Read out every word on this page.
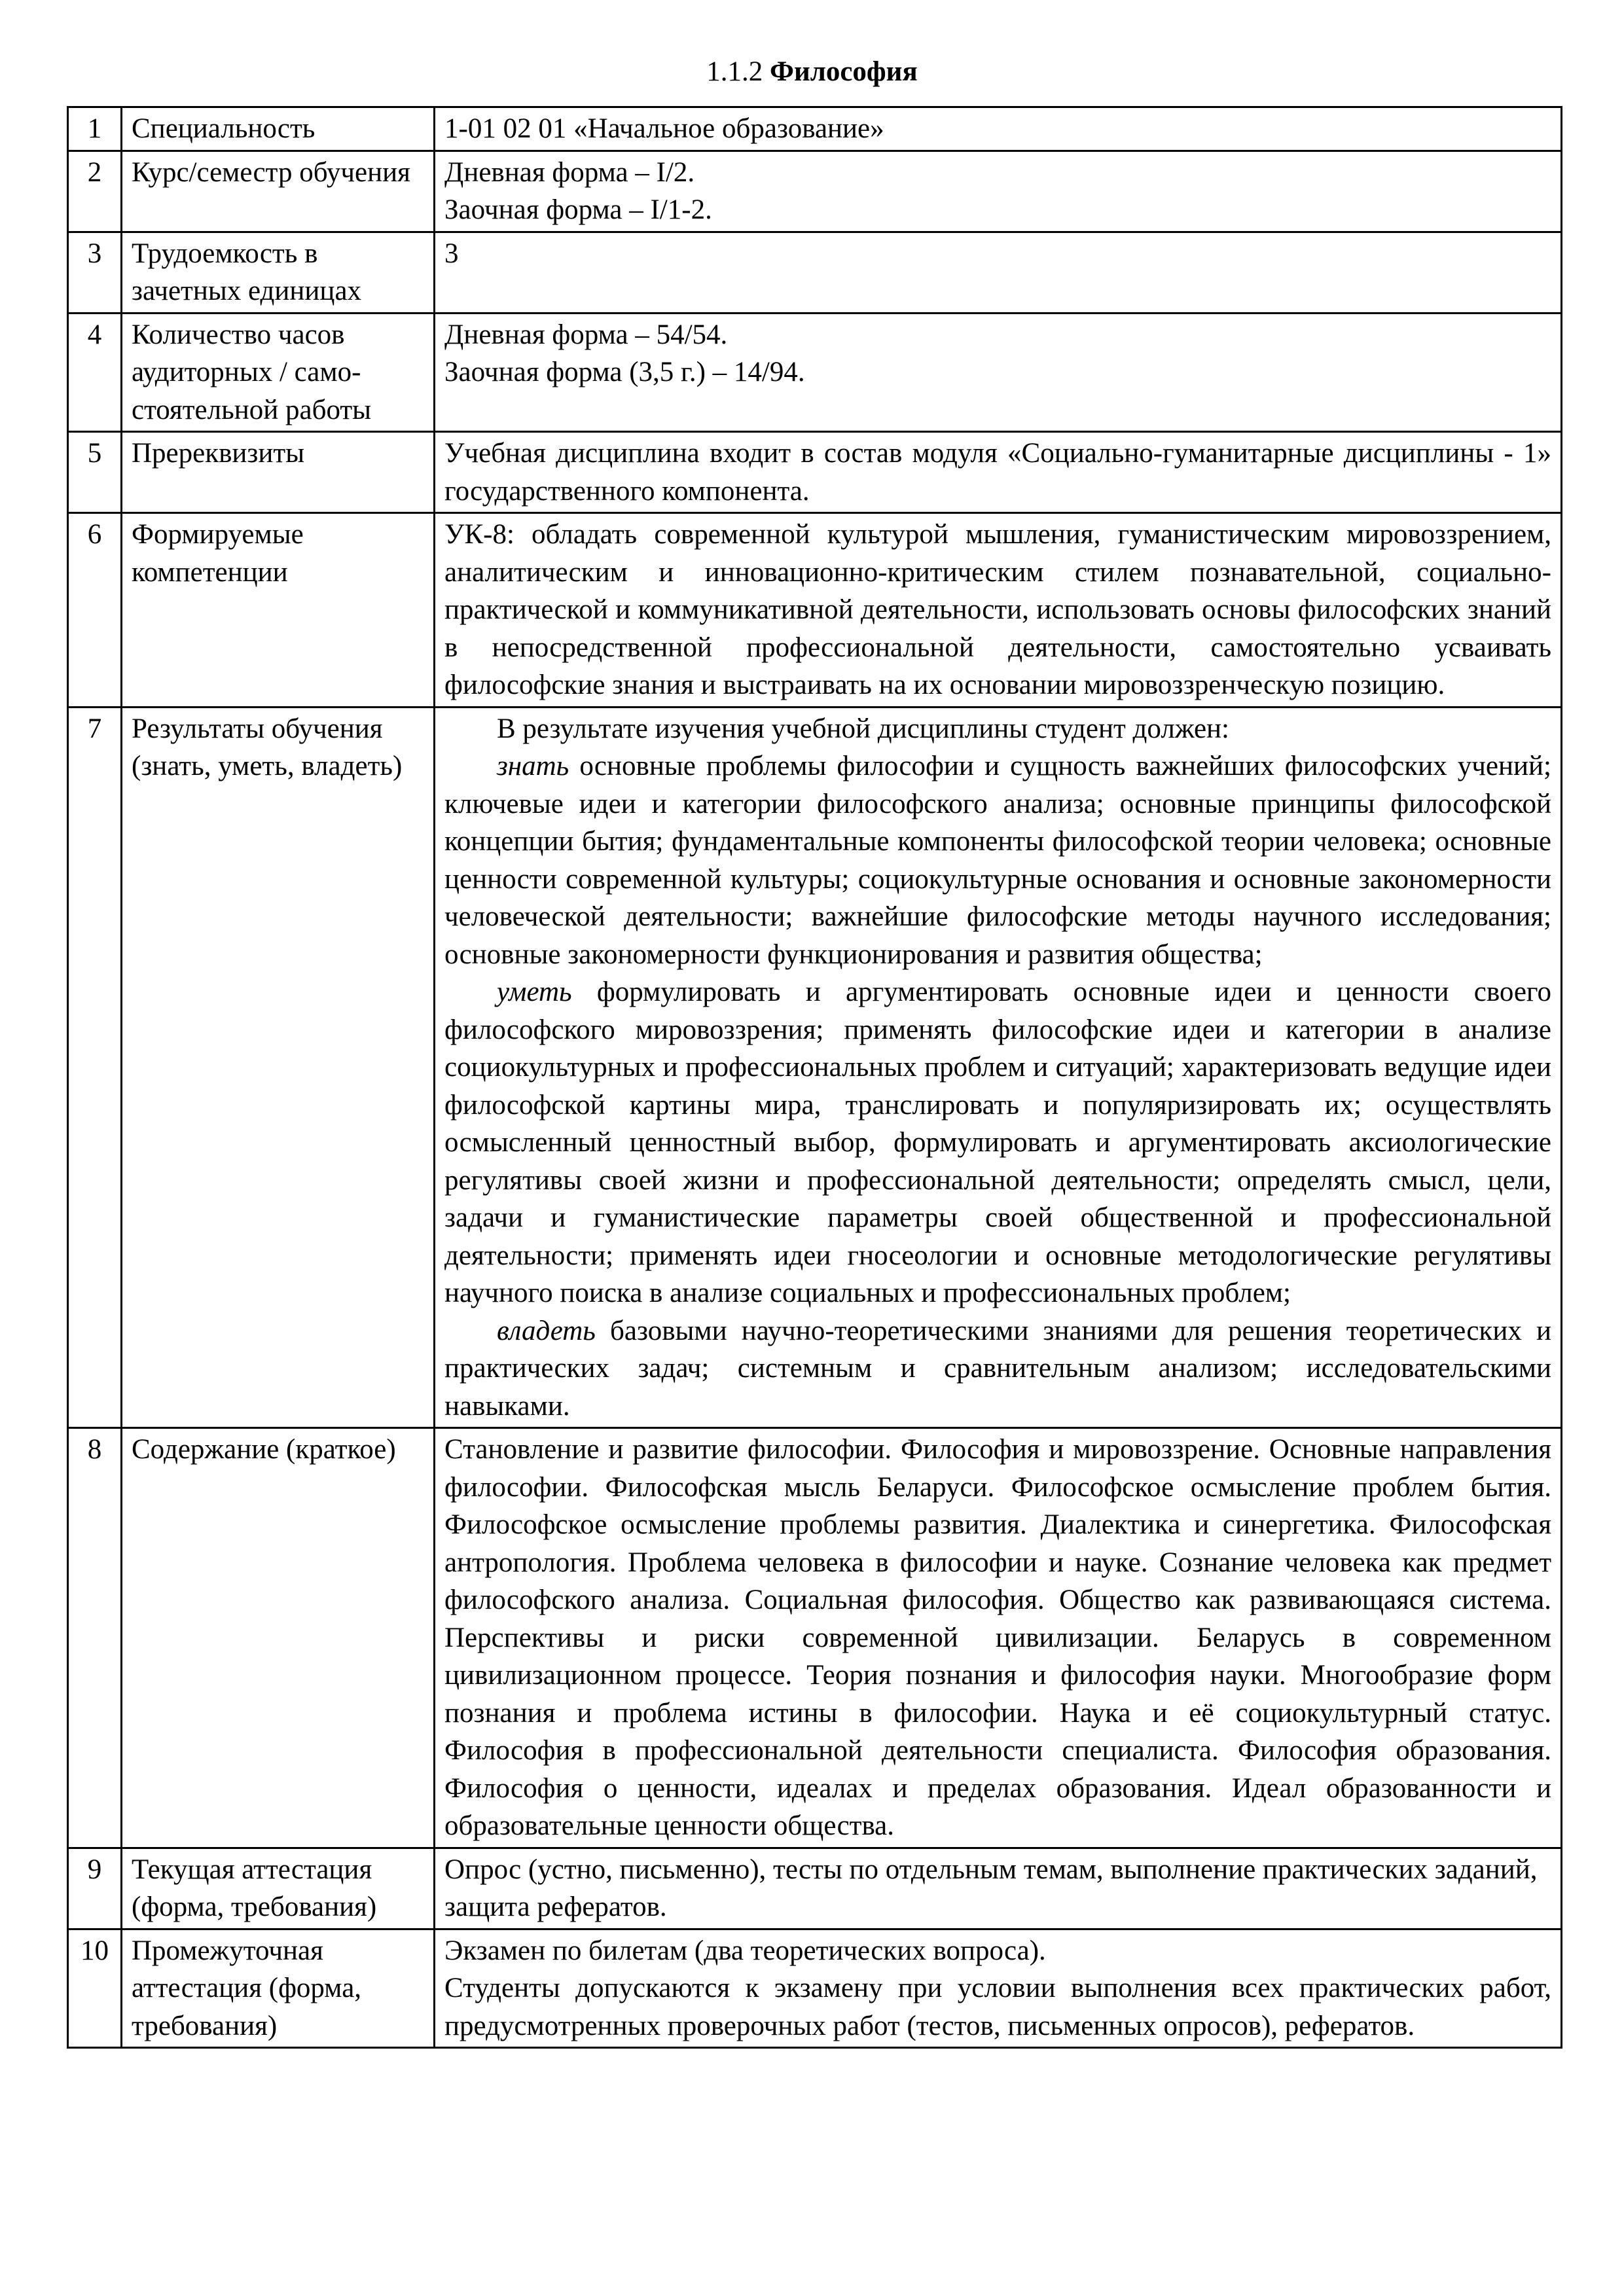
1.1.2 Философия
1	Специальность	1-01 02 01 «Начальное образование»

2	Курс/семестр обучения	Дневная форма – I/2.
Заочная форма – I/1-2.

3	Трудоемкость в зачетных единицах	3

4	Количество часов аудиторных / само-стоятельной работы	Дневная форма – 54/54.
Заочная форма (3,5 г.) – 14/94.

5	Пререквизиты	Учебная дисциплина входит в состав модуля «Социально-гуманитарные дисциплины - 1» государственного компонента.

6	Формируемые компетенции	УК-8: обладать современной культурой мышления, гуманистическим мировоззрением, аналитическим и инновационно-критическим стилем познавательной, социально-практической и коммуникативной деятельности, использовать основы философских знаний в непосредственной профессиональной деятельности, самостоятельно усваивать философские знания и выстраивать на их основании мировоззренческую позицию.

7	Результаты обучения (знать, уметь, владеть)	В результате изучения учебной дисциплины студент должен:
знать основные проблемы философии и сущность важнейших философских учений; ключевые идеи и категории философского анализа; основные принципы философской концепции бытия; фундаментальные компоненты философской теории человека; основные ценности современной культуры; социокультурные основания и основные закономерности человеческой деятельности; важнейшие философские методы научного исследования; основные закономерности функционирования и развития общества;
уметь формулировать и аргументировать основные идеи и ценности своего философского мировоззрения; применять философские идеи и категории в анализе социокультурных и профессиональных проблем и ситуаций; характеризовать ведущие идеи философской картины мира, транслировать и популяризировать их; осуществлять осмысленный ценностный выбор, формулировать и аргументировать аксиологические регулятивы своей жизни и профессиональной деятельности; определять смысл, цели, задачи и гуманистические параметры своей общественной и профессиональной деятельности; применять идеи гносеологии и основные методологические регулятивы научного поиска в анализе социальных и профессиональных проблем;
владеть базовыми научно-теоретическими знаниями для решения теоретических и практических задач; системным и сравнительным анализом; исследовательскими навыками.

8	Содержание (краткое)	Становление и развитие философии. Философия и мировоззрение. Основные направления философии. Философская мысль Беларуси. Философское осмысление проблем бытия. Философское осмысление проблемы развития. Диалектика и синергетика. Философская антропология. Проблема человека в философии и науке. Сознание человека как предмет философского анализа. Социальная философия. Общество как развивающаяся система. Перспективы и риски современной цивилизации. Беларусь в современном цивилизационном процессе. Теория познания и философия науки. Многообразие форм познания и проблема истины в философии. Наука и её социокультурный статус. Философия в профессиональной деятельности специалиста. Философия образования. Философия о ценности, идеалах и пределах образования. Идеал образованности и образовательные ценности общества.

9	Текущая аттестация (форма, требования)	Опрос (устно, письменно), тесты по отдельным темам, выполнение практических заданий, защита рефератов.

10	Промежуточная аттестация (форма, требования)	Экзамен по билетам (два теоретических вопроса).
Студенты допускаются к экзамену при условии выполнения всех практических работ, предусмотренных проверочных работ (тестов, письменных опросов), рефератов.
